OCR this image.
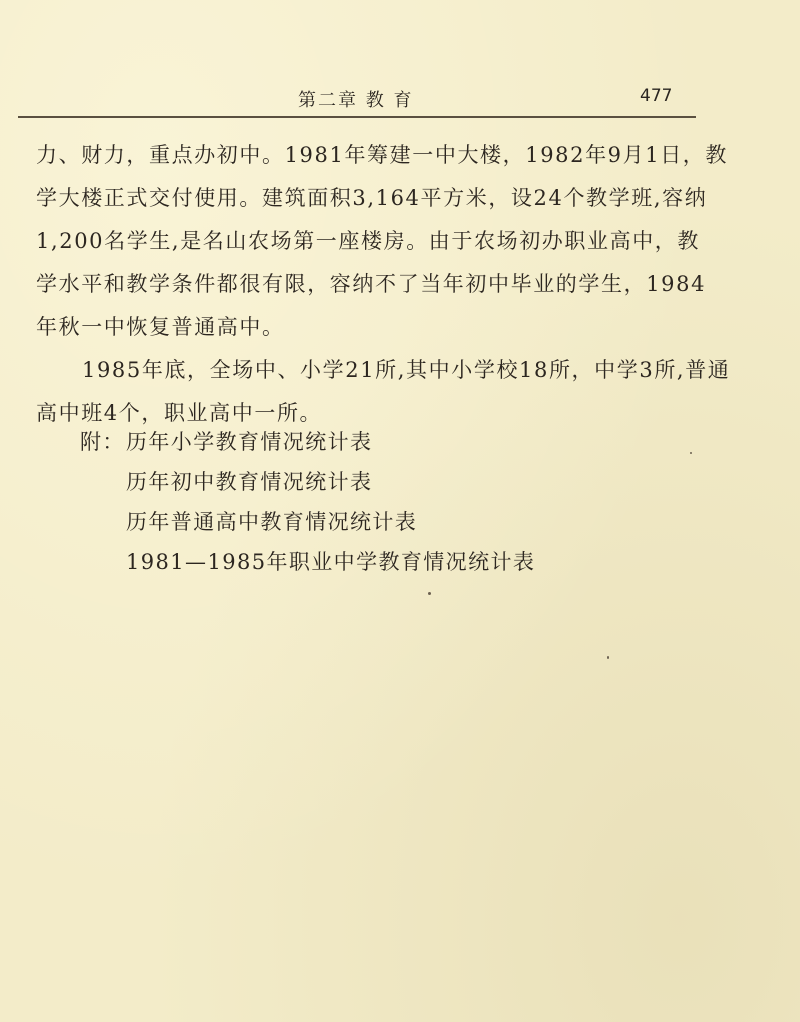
第二章 教 育	477
力、财力，重点办初中。1981年筹建一中大楼，1982年9月1日，教
学大楼正式交付使用。建筑面积3,164平方米，设24个教学班,容纳
1,200名学生,是名山农场第一座楼房。由于农场初办职业高中，教
学水平和教学条件都很有限，容纳不了当年初中毕业的学生，1984
年秋一中恢复普通高中。
1985年底，全场中、小学21所,其中小学校18所，中学3所,普通
高中班4个，职业高中一所。
附： 历年小学教育情况统计表
历年初中教育情况统计表
历年普通高中教育情况统计表
1981—1985年职业中学教育情况统计表
